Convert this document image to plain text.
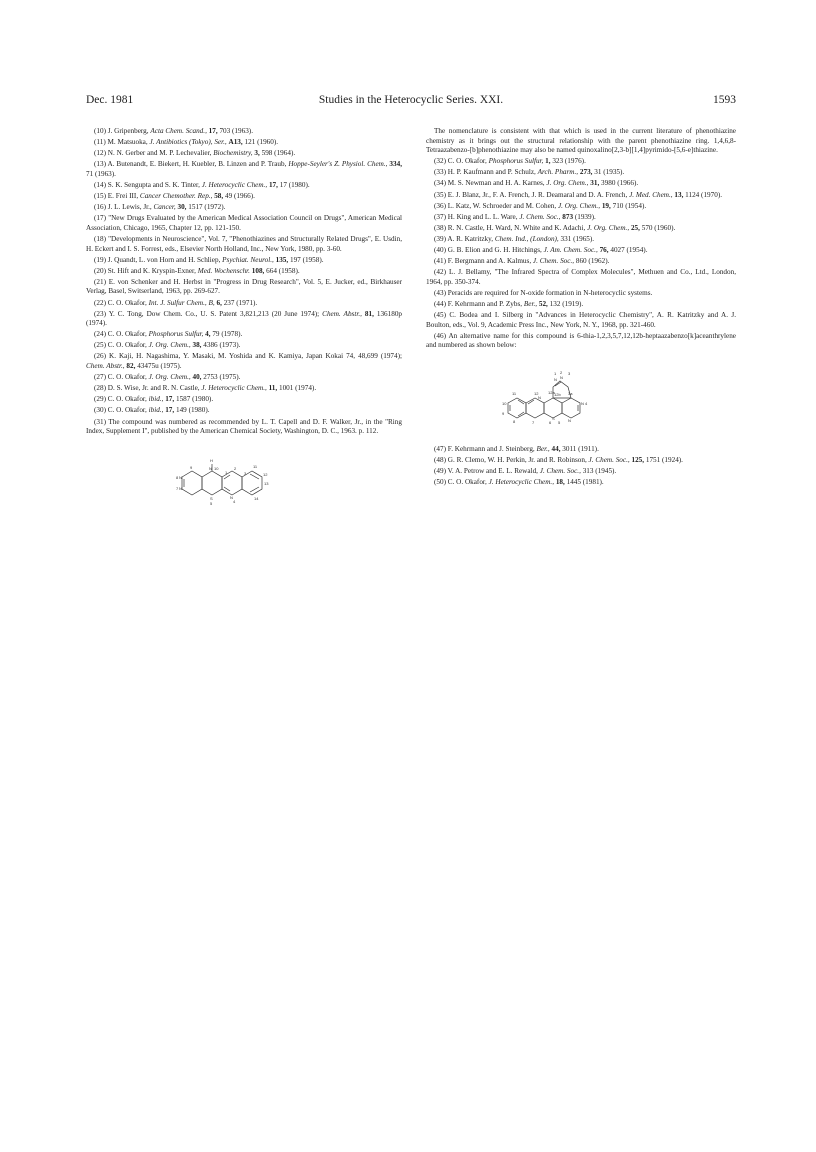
Dec. 1981	Studies in the Heterocyclic Series. XXI.	1593

(10) J. Gripenberg, Acta Chem. Scand., 17, 703 (1963).

(11) M. Matsuoka, J. Antibiotics (Tokyo), Ser., A13, 121 (1960).

(12) N. N. Gerber and M. P. Lechevalier, Biochemistry, 3, 598 (1964).

(13) A. Butenandt, E. Biekert, H. Kuebler, B. Linzen and P. Traub, Hoppe-Seyler's Z. Physiol. Chem., 334, 71 (1963).

(14) S. K. Sengupta and S. K. Tinter, J. Heterocyclic Chem., 17, 17 (1980).

(15) E. Frei III, Cancer Chemother. Rep., 58, 49 (1966).

(16) J. L. Lewis, Jr., Cancer, 30, 1517 (1972).

(17) "New Drugs Evaluated by the American Medical Association Council on Drugs", American Medical Association, Chicago, 1965, Chapter 12, pp. 121-150.

(18) "Developments in Neuroscience", Vol. 7, "Phenothiazines and Structurally Related Drugs", E. Usdin, H. Eckert and I. S. Forrest, eds., Elsevier North Holland, Inc., New York, 1980, pp. 3-60.

(19) J. Quandt, L. von Horn and H. Schliep, Psychiat. Neurol., 135, 197 (1958).

(20) St. Hift and K. Kryspin-Exner, Med. Wochenschr. 108, 664 (1958).

(21) E. von Schenker and H. Herbst in "Progress in Drug Research", Vol. 5, E. Jucker, ed., Birkhauser Verlag, Basel, Switserland, 1963, pp. 269-627.

(22) C. O. Okafor, Int. J. Sulfur Chem., B, 6, 237 (1971).

(23) Y. C. Tong, Dow Chem. Co., U. S. Patent 3,821,213 (20 June 1974); Chem. Abstr., 81, 136180p (1974).

(24) C. O. Okafor, Phosphorus Sulfur, 4, 79 (1978).

(25) C. O. Okafor, J. Org. Chem., 38, 4386 (1973).

(26) K. Kaji, H. Nagashima, Y. Masaki, M. Yoshida and K. Kamiya, Japan Kokai 74, 48,699 (1974); Chem. Abstr., 82, 43475u (1975).

(27) C. O. Okafor, J. Org. Chem., 40, 2753 (1975).

(28) D. S. Wise, Jr. and R. N. Castle, J. Heterocyclic Chem., 11, 1001 (1974).

(29) C. O. Okafor, ibid., 17, 1587 (1980).

(30) C. O. Okafor, ibid., 17, 149 (1980).

(31) The compound was numbered as recommended by L. T. Capell and D. F. Walker, Jr., in the "Ring Index, Supplement I", published by the American Chemical Society, Washington, D. C., 1963. p. 112.

H
N 10
9
1
2
3
8 N
7 N
S
5
N
4
13
12
14
11

The nomenclature is consistent with that which is used in the current literature of phenothiazine chemistry as it brings out the structural relationship with the parent phenothiazine ring. 1,4,6,8-Tetraazabenzo-[b]phenothiazine may also be named quinoxalino[2,3-b][1,4]pyrimido-[5,6-e]thiazine.

(32) C. O. Okafor, Phosphorus Sulfur, 1, 323 (1976).

(33) H. P. Kaufmann and P. Schulz, Arch. Pharm., 273, 31 (1935).

(34) M. S. Newman and H. A. Karnes, J. Org. Chem., 31, 3980 (1966).

(35) E. J. Blanz, Jr., F. A. French, J. R. Deamaral and D. A. French, J. Med. Chem., 13, 1124 (1970).

(36) L. Katz, W. Schroeder and M. Cohen, J. Org. Chem., 19, 710 (1954).

(37) H. King and L. L. Ware, J. Chem. Soc., 873 (1939).

(38) R. N. Castle, H. Ward, N. White and K. Adachi, J. Org. Chem., 25, 570 (1960).

(39) A. R. Katritzky, Chem. Ind., (London), 331 (1965).

(40) G. B. Elion and G. H. Hitchings, J. Am. Chem. Soc., 76, 4027 (1954).

(41) F. Bergmann and A. Kalmus, J. Chem. Soc., 860 (1962).

(42) L. J. Bellamy, "The Infrared Spectra of Complex Molecules", Methuen and Co., Ltd., London, 1964, pp. 350-374.

(43) Peracids are required for N-oxide formation in N-heterocyclic systems.

(44) F. Kehrmann and P. Zybs, Ber., 52, 132 (1919).

(45) C. Bodea and I. Silberg in "Advances in Heterocyclic Chemistry", A. R. Katritzky and A. J. Boulton, eds., Vol. 9, Academic Press Inc., New York, N. Y., 1968, pp. 321-460.

(46) An alternative name for this compound is 6-thia-1,2,3,5,7,12,12b-heptaazabenzo[k]aceanthrylene and numbered as shown below:

1
N
2
N
3
12a 12b
12
N
11
10
9
8	7	6
S
5 N
N 4
3a

(47) F. Kehrmann and J. Steinberg, Ber., 44, 3011 (1911).

(48) G. R. Clemo, W. H. Perkin, Jr. and R. Robinson, J. Chem. Soc., 125, 1751 (1924).

(49) V. A. Petrow and E. L. Rewald, J. Chem. Soc., 313 (1945).

(50) C. O. Okafor, J. Heterocyclic Chem., 18, 1445 (1981).
